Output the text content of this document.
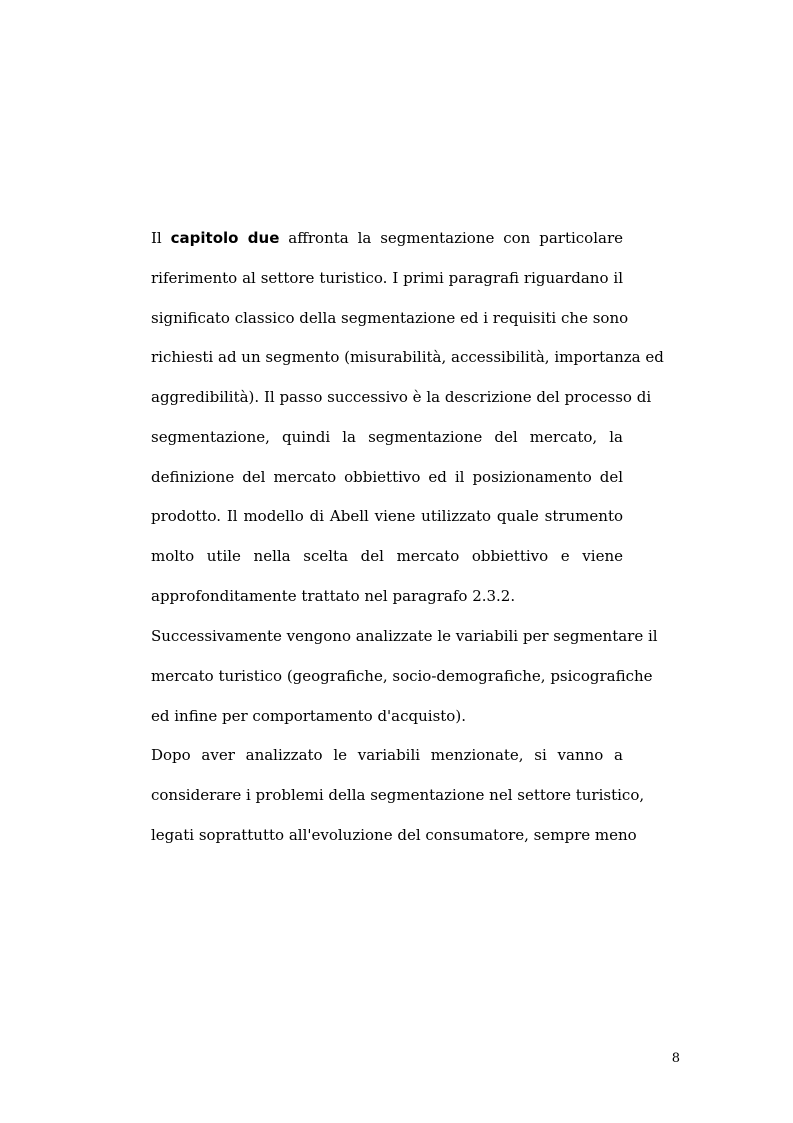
Il capitolo due affronta la segmentazione con particolare
riferimento al settore turistico. I primi paragrafi riguardano il
significato classico della segmentazione ed i requisiti che sono
richiesti ad un segmento (misurabilità, accessibilità, importanza ed
aggredibilità). Il passo successivo è la descrizione del processo di
segmentazione, quindi la segmentazione del mercato, la
definizione del mercato obbiettivo ed il posizionamento del
prodotto. Il modello di Abell viene utilizzato quale strumento
molto utile nella scelta del mercato obbiettivo e viene
approfonditamente trattato nel paragrafo 2.3.2.
Successivamente vengono analizzate le variabili per segmentare il
mercato turistico (geografiche, socio-demografiche, psicografiche
ed infine per comportamento d'acquisto).
Dopo aver analizzato le variabili menzionate, si vanno a
considerare i problemi della segmentazione nel settore turistico,
legati soprattutto all'evoluzione del consumatore, sempre meno
8
